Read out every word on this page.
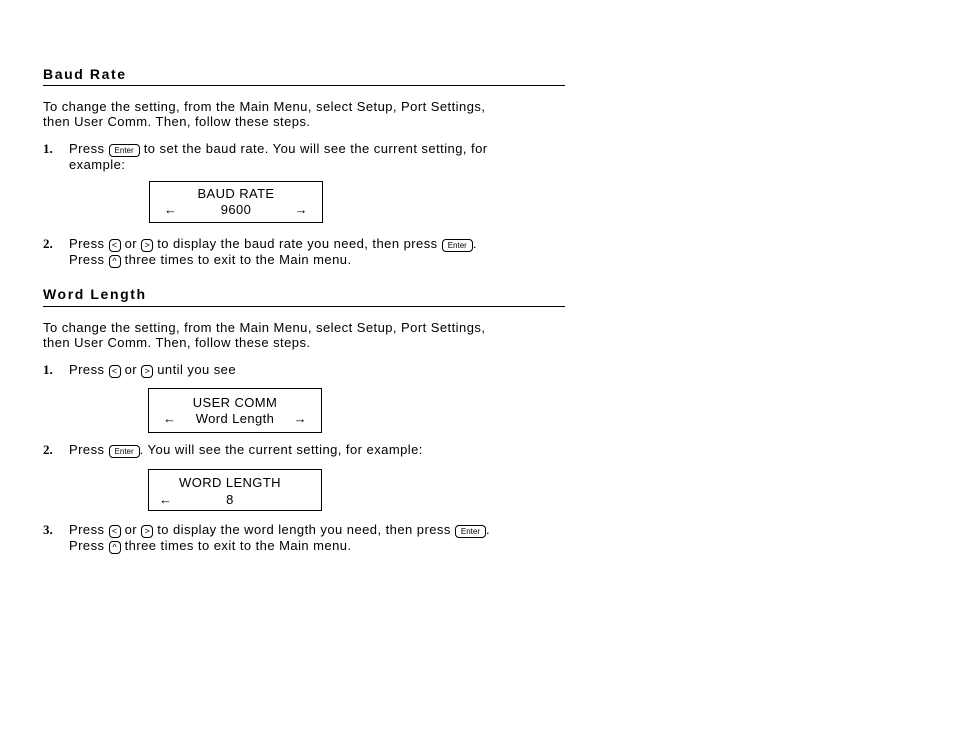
Baud Rate
To change the setting, from the Main Menu, select Setup, Port Settings,
then User Comm. Then, follow these steps.
1. Press Enter to set the baud rate. You will see the current setting, for
example:
BAUD RATE
←	9600	→
2. Press < or > to display the baud rate you need, then press Enter .
Press ^ three times to exit to the Main menu.
Word Length
To change the setting, from the Main Menu, select Setup, Port Settings,
then User Comm. Then, follow these steps.
1. Press < or > until you see
USER COMM
←	Word Length	→
2. Press Enter . You will see the current setting, for example:
WORD LENGTH
←	8
3. Press < or > to display the word length you need, then press Enter .
Press ^ three times to exit to the Main menu.
